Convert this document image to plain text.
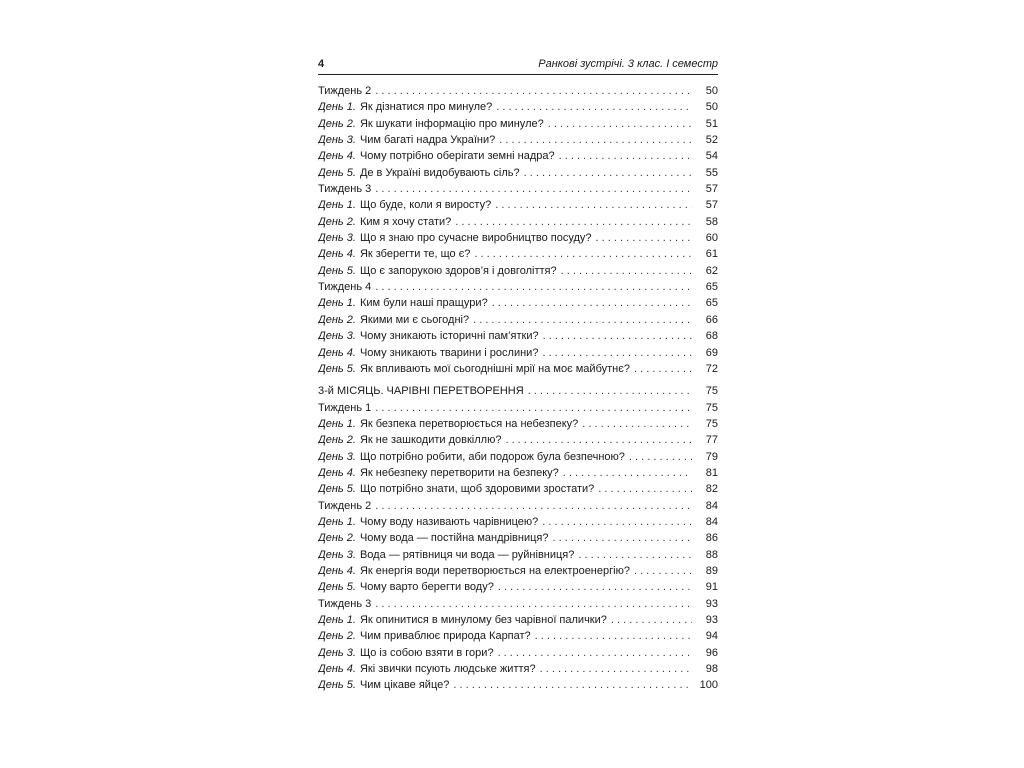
4	Ранкові зустрічі. 3 клас. I семестр
Тиждень 2 . . .	50
День 1. Як дізнатися про минуле? . . .	50
День 2. Як шукати інформацію про минуле? . . .	51
День 3. Чим багаті надра України? . . .	52
День 4. Чому потрібно оберігати земні надра? . . .	54
День 5. Де в Україні видобувають сіль? . . .	55
Тиждень 3 . . .	57
День 1. Що буде, коли я виросту? . . .	57
День 2. Ким я хочу стати? . . .	58
День 3. Що я знаю про сучасне виробництво посуду? . . .	60
День 4. Як зберегти те, що є? . . .	61
День 5. Що є запорукою здоров’я і довголіття? . . .	62
Тиждень 4 . . .	65
День 1. Ким були наші пращури? . . .	65
День 2. Якими ми є сьогодні? . . .	66
День 3. Чому зникають історичні пам’ятки? . . .	68
День 4. Чому зникають тварини і рослини? . . .	69
День 5. Як впливають мої сьогоднішні мрії на моє майбутнє? . . .	72
3-й МІСЯЦЬ. ЧАРІВНІ ПЕРЕТВОРЕННЯ . . .	75
Тиждень 1 . . .	75
День 1. Як безпека перетворюється на небезпеку? . . .	75
День 2. Як не зашкодити довкіллю? . . .	77
День 3. Що потрібно робити, аби подорож була безпечною? . . .	79
День 4. Як небезпеку перетворити на безпеку? . . .	81
День 5. Що потрібно знати, щоб здоровими зростати? . . .	82
Тиждень 2 . . .	84
День 1. Чому воду називають чарівницею? . . .	84
День 2. Чому вода — постійна мандрівниця? . . .	86
День 3. Вода — рятівниця чи вода — руйнівниця? . . .	88
День 4. Як енергія води перетворюється на електроенергію? . . .	89
День 5. Чому варто берегти воду? . . .	91
Тиждень 3 . . .	93
День 1. Як опинитися в минулому без чарівної палички? . . .	93
День 2. Чим приваблює природа Карпат? . . .	94
День 3. Що із собою взяти в гори? . . .	96
День 4. Які звички псують людське життя? . . .	98
День 5. Чим цікаве яйце? . . .	100
